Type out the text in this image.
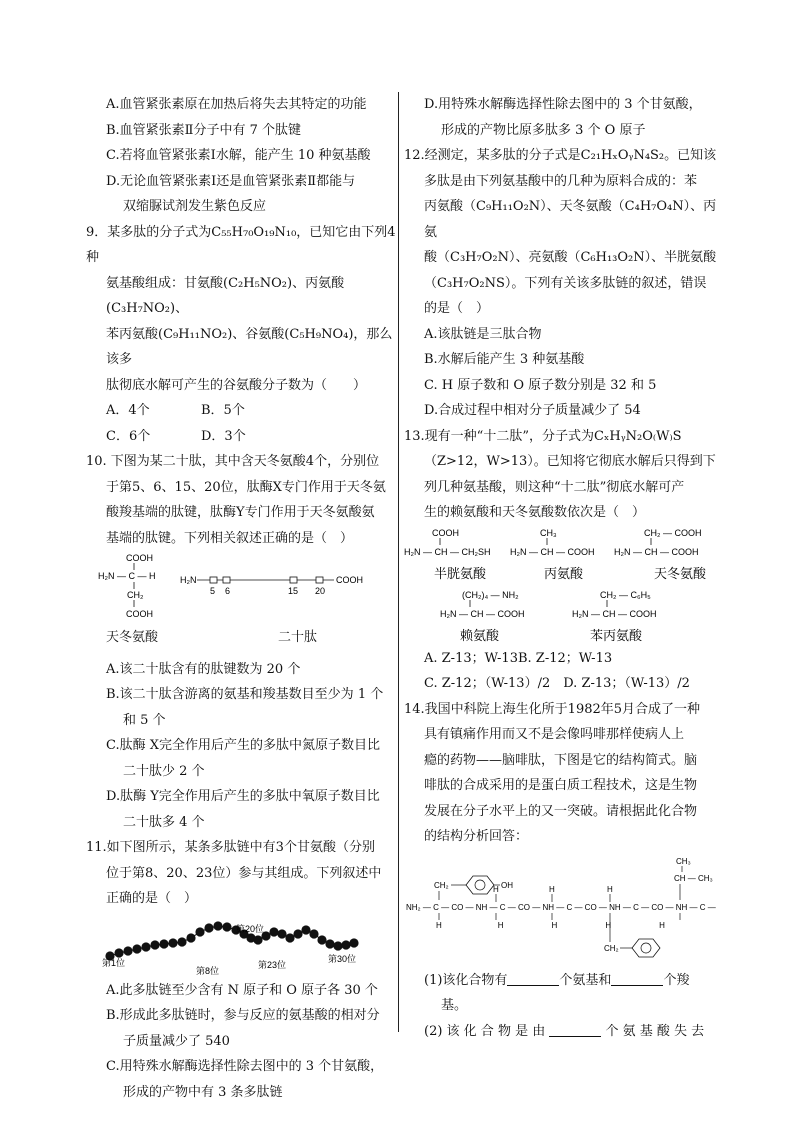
A.血管紧张素原在加热后将失去其特定的功能

B.血管紧张素Ⅱ分子中有 7 个肽键

C.若将血管紧张素Ⅰ水解，能产生 10 种氨基酸

D.无论血管紧张素Ⅰ还是血管紧张素Ⅱ都能与

双缩脲试剂发生紫色反应

9．某多肽的分子式为C₅₅H₇₀O₁₉N₁₀，已知它由下列4种

氨基酸组成：甘氨酸(C₂H₅NO₂)、丙氨酸(C₃H₇NO₂)、

苯丙氨酸(C₉H₁₁NO₂)、谷氨酸(C₅H₉NO₄)，那么该多

肽彻底水解可产生的谷氨酸分子数为（　　）

A．4个	B．5个
C．6个	D．3个

10. 下图为某二十肽，其中含天冬氨酸4个，分别位

于第5、6、15、20位，肽酶X专门作用于天冬氨

酸羧基端的肽键，肽酶Y专门作用于天冬氨酸氨

基端的肽键。下列相关叙述正确的是（　）

COOH
H₂N — C — H
CH₂
COOH
H₂N
5 6	15 20
COOH
天冬氨酸	二十肽

A.该二十肽含有的肽键数为 20 个

B.该二十肽含游离的氨基和羧基数目至少为 1 个

和 5 个

C.肽酶 X完全作用后产生的多肽中氮原子数目比

二十肽少 2 个

D.肽酶 Y完全作用后产生的多肽中氧原子数目比

二十肽多 4 个

11.如下图所示，某条多肽链中有3个甘氨酸（分别

位于第8、20、23位）参与其组成。下列叙述中

正确的是（　）

第1位
第8位
第20位
第23位
第30位

A.此多肽链至少含有 N 原子和 O 原子各 30 个

B.形成此多肽链时，参与反应的氨基酸的相对分

子质量减少了 540

C.用特殊水解酶选择性除去图中的 3 个甘氨酸，

形成的产物中有 3 条多肽链

D.用特殊水解酶选择性除去图中的 3 个甘氨酸，

形成的产物比原多肽多 3 个 O 原子

12.经测定，某多肽的分子式是C₂₁HₓOᵧN₄S₂。已知该

多肽是由下列氨基酸中的几种为原料合成的：苯

丙氨酸（C₉H₁₁O₂N）、天冬氨酸（C₄H₇O₄N）、丙氨

酸（C₃H₇O₂N）、亮氨酸（C₆H₁₃O₂N）、半胱氨酸

（C₃H₇O₂NS）。下列有关该多肽链的叙述，错误

的是（　）

A.该肽链是三肽合物

B.水解后能产生 3 种氨基酸

C. H 原子数和 O 原子数分别是 32 和 5

D.合成过程中相对分子质量减少了 54

13.现有一种“十二肽”，分子式为CₓHᵧN₂O₍W₎S

（Z>12，W>13）。已知将它彻底水解后只得到下

列几种氨基酸，则这种“十二肽”彻底水解可产

生的赖氨酸和天冬氨酸数依次是（　）

COOH
H₂N — CH — CH₂SH
半胱氨酸
CH₃
H₂N — CH — COOH
丙氨酸
CH₂ — COOH
H₂N — CH — COOH
天冬氨酸
(CH₂)₄ — NH₂
H₂N — CH — COOH
赖氨酸
CH₂ — C₆H₅
H₂N — CH — COOH
苯丙氨酸

A. Z-13；W-13B. Z-12；W-13

C. Z-12；（W-13）/2　D. Z-13；（W-13）/2

14.我国中科院上海生化所于1982年5月合成了一种

具有镇痛作用而又不是会像吗啡那样使病人上

瘾的药物——脑啡肽，下图是它的结构简式。脑

啡肽的合成采用的是蛋白质工程技术，这是生物

发展在分子水平上的又一突破。请根据此化合物

的结构分析回答：

CH₃
CH — CH₃
CH₂	OH
NH₂ — C — CO — NH — C — CO — NH — C — CO — NH — C — CO — NH — C — COOH
H	H	H
H　　　　　　　H　　　　　　H　　　　　　H　　　　　　H
CH₂

(1)该化合物有	个氨基和	个羧

基。

(2) 该 化 合 物 是 由	个 氨 基 酸 失 去
